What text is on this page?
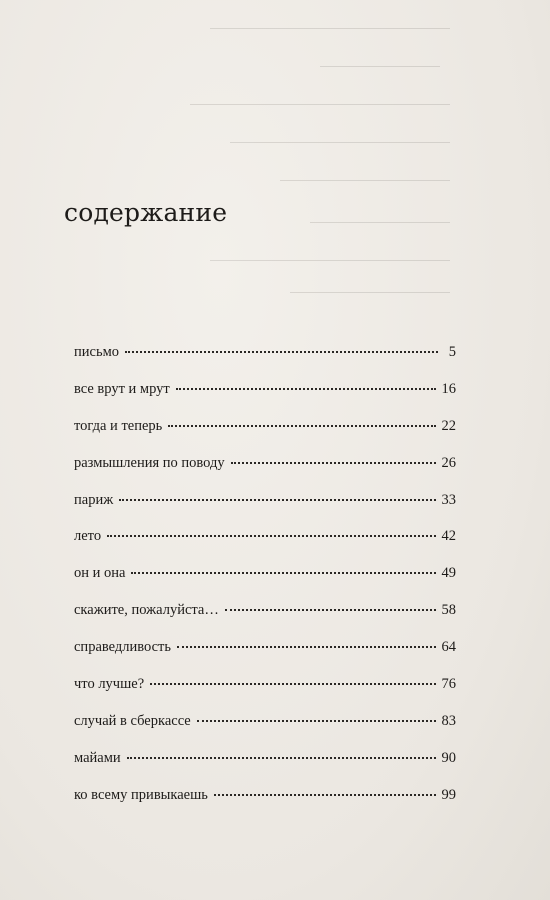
содержание
письмо	5
все врут и мрут	16
тогда и теперь	22
размышления по поводу	26
париж	33
лето	42
он и она	49
скажите, пожалуйста…	58
справедливость	64
что лучше?	76
случай в сберкассе	83
майами	90
ко всему привыкаешь	99
